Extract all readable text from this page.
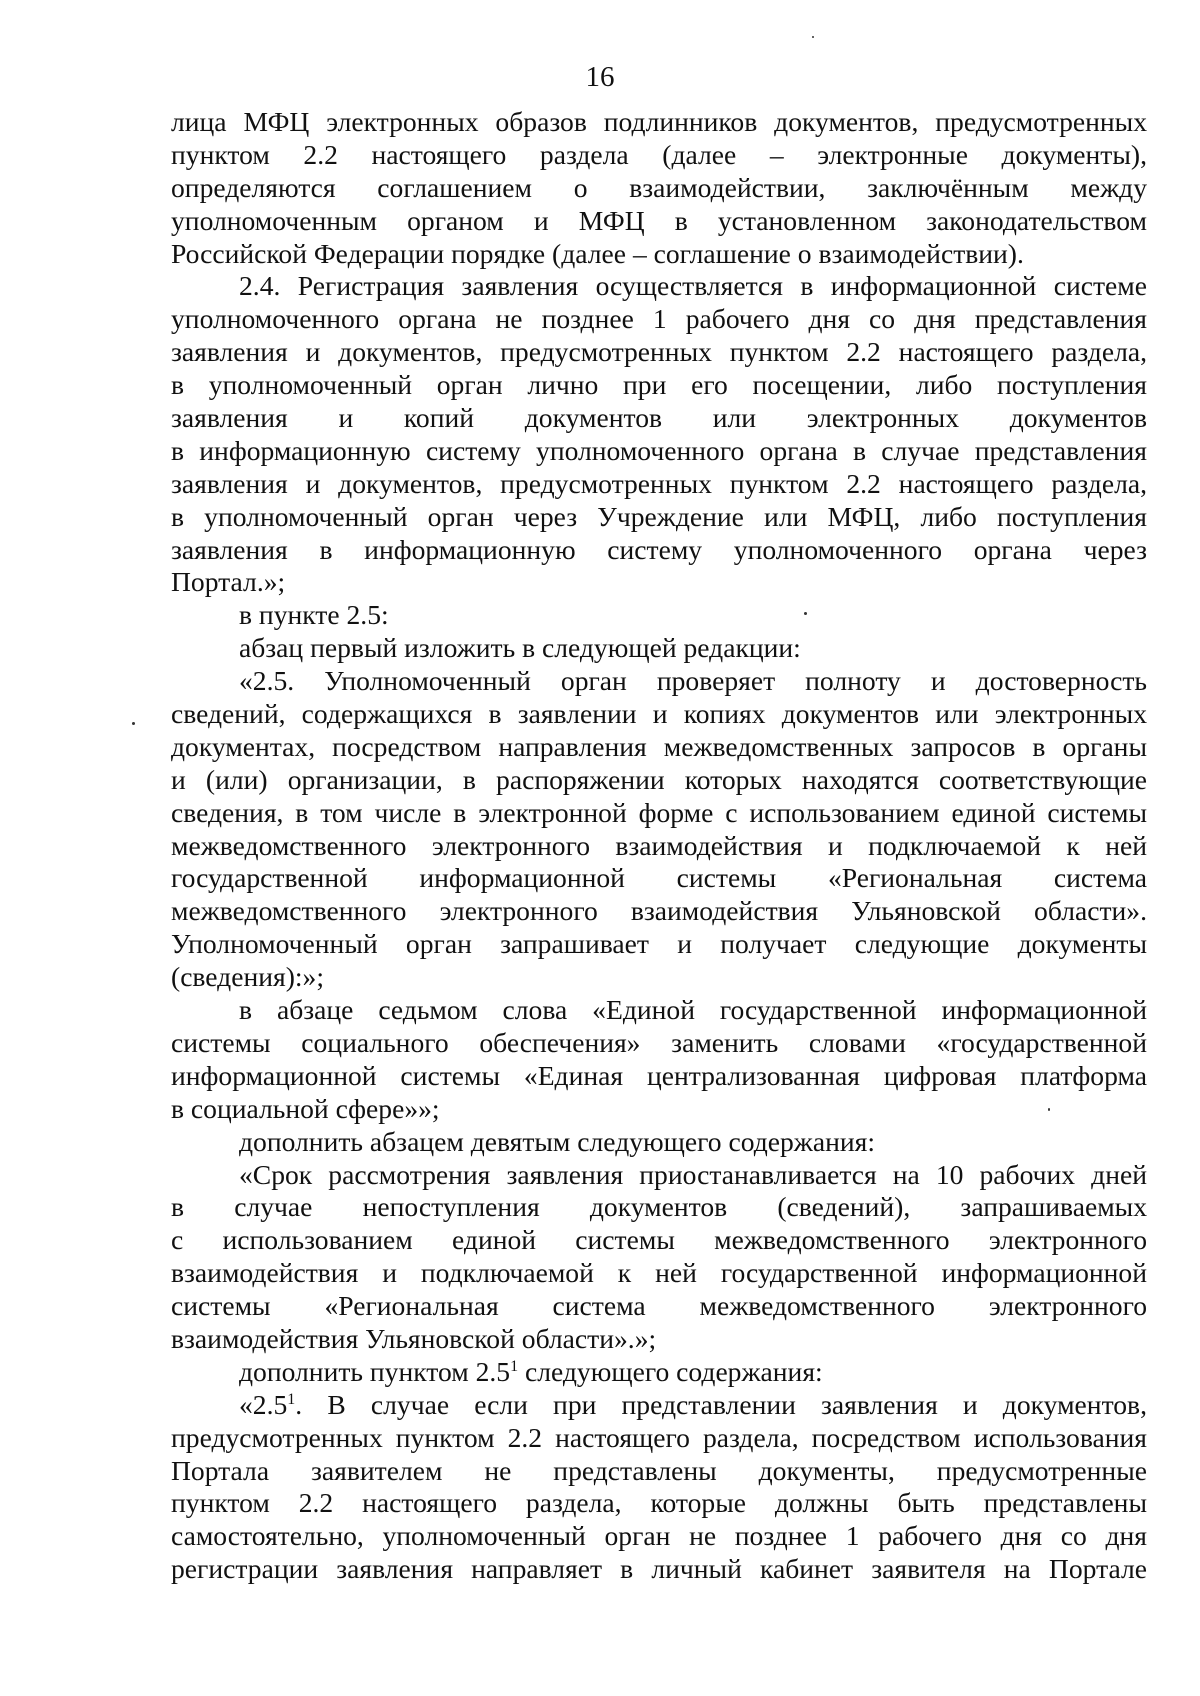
16

лица МФЦ электронных образов подлинников документов, предусмотренных
пунктом 2.2 настоящего раздела (далее – электронные документы),
определяются соглашением о взаимодействии, заключённым между
уполномоченным органом и МФЦ в установленном законодательством
Российской Федерации порядке (далее – соглашение о взаимодействии).

2.4. Регистрация заявления осуществляется в информационной системе
уполномоченного органа не позднее 1 рабочего дня со дня представления
заявления и документов, предусмотренных пунктом 2.2 настоящего раздела,
в уполномоченный орган лично при его посещении, либо поступления
заявления и копий документов или электронных документов
в информационную систему уполномоченного органа в случае представления
заявления и документов, предусмотренных пунктом 2.2 настоящего раздела,
в уполномоченный орган через Учреждение или МФЦ, либо поступления
заявления в информационную систему уполномоченного органа через
Портал.»;

в пункте 2.5:

абзац первый изложить в следующей редакции:

«2.5. Уполномоченный орган проверяет полноту и достоверность
сведений, содержащихся в заявлении и копиях документов или электронных
документах, посредством направления межведомственных запросов в органы
и (или) организации, в распоряжении которых находятся соответствующие
сведения, в том числе в электронной форме с использованием единой системы
межведомственного электронного взаимодействия и подключаемой к ней
государственной информационной системы «Региональная система
межведомственного электронного взаимодействия Ульяновской области».
Уполномоченный орган запрашивает и получает следующие документы
(сведения):»;

в абзаце седьмом слова «Единой государственной информационной
системы социального обеспечения» заменить словами «государственной
информационной системы «Единая централизованная цифровая платформа
в социальной сфере»»;

дополнить абзацем девятым следующего содержания:

«Срок рассмотрения заявления приостанавливается на 10 рабочих дней
в случае непоступления документов (сведений), запрашиваемых
с использованием единой системы межведомственного электронного
взаимодействия и подключаемой к ней государственной информационной
системы «Региональная система межведомственного электронного
взаимодействия Ульяновской области».»;

дополнить пунктом $2.5^1$ следующего содержания:

«$2.5^1$. В случае если при представлении заявления и документов,
предусмотренных пунктом 2.2 настоящего раздела, посредством использования
Портала заявителем не представлены документы, предусмотренные
пунктом 2.2 настоящего раздела, которые должны быть представлены
самостоятельно, уполномоченный орган не позднее 1 рабочего дня со дня
регистрации заявления направляет в личный кабинет заявителя на Портале
